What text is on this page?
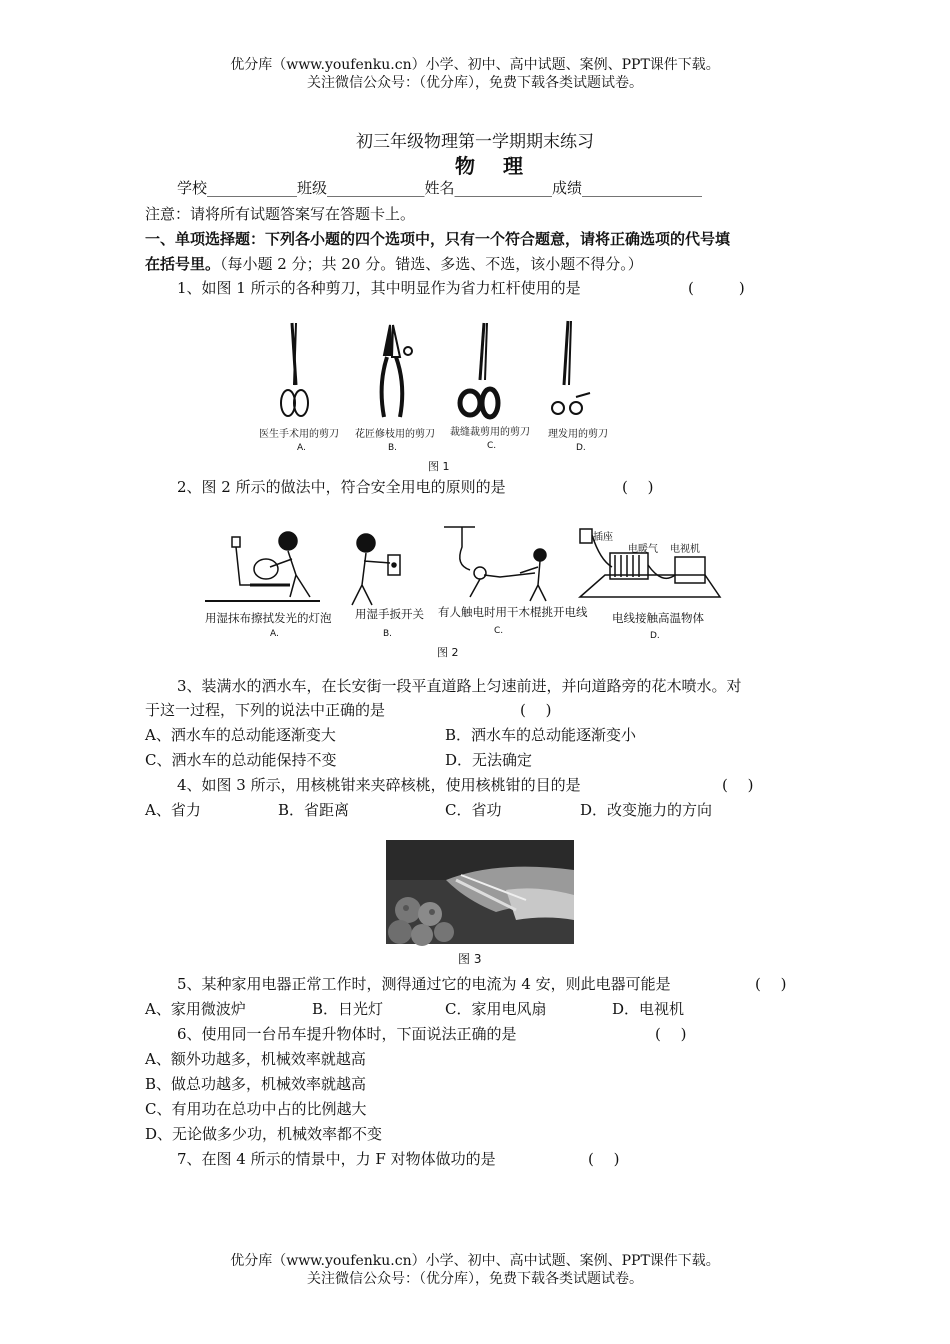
优分库（www.youfenku.cn）小学、初中、高中试题、案例、PPT课件下载。
关注微信公众号：（优分库），免费下载各类试题试卷。
初三年级物理第一学期期末练习
物理
学校____________班级_____________姓名_____________成绩________________
注意：请将所有试题答案写在答题卡上。
一、单项选择题：下列各小题的四个选项中，只有一个符合题意，请将正确选项的代号填
在括号里。（每小题 2 分；共 20 分。错选、多选、不选，该小题不得分。）
1、如图 1 所示的各种剪刀，其中明显作为省力杠杆使用的是	(　　　)
医生手术用的剪刀 花匠修枝用的剪刀 裁缝裁剪用的剪刀 理发用的剪刀
A.	B.	C.	D.
图 1
2、图 2 所示的做法中，符合安全用电的原则的是	(　 )
插座
电暖气 电视机
用湿抹布擦拭发光的灯泡 用湿手扳开关 有人触电时用干木棍挑开电线 电线接触高温物体
A.	B.	C.	D.
图 2
3、装满水的洒水车，在长安街一段平直道路上匀速前进，并向道路旁的花木喷水。对
于这一过程，下列的说法中正确的是	(　 )
A、洒水车的总动能逐渐变大	B．洒水车的总动能逐渐变小
C、洒水车的总动能保持不变	D．无法确定
4、如图 3 所示，用核桃钳来夹碎核桃，使用核桃钳的目的是	(　 )
A、省力	B．省距离	C．省功	D．改变施力的方向
图 3
5、某种家用电器正常工作时，测得通过它的电流为 4 安，则此电器可能是	(　 )
A、家用微波炉	B．日光灯	C．家用电风扇	D．电视机
6、使用同一台吊车提升物体时，下面说法正确的是	(　 )
A、额外功越多，机械效率就越高
B、做总功越多，机械效率就越高
C、有用功在总功中占的比例越大
D、无论做多少功，机械效率都不变
7、在图 4 所示的情景中，力 F 对物体做功的是	(　 )
优分库（www.youfenku.cn）小学、初中、高中试题、案例、PPT课件下载。
关注微信公众号：（优分库），免费下载各类试题试卷。
